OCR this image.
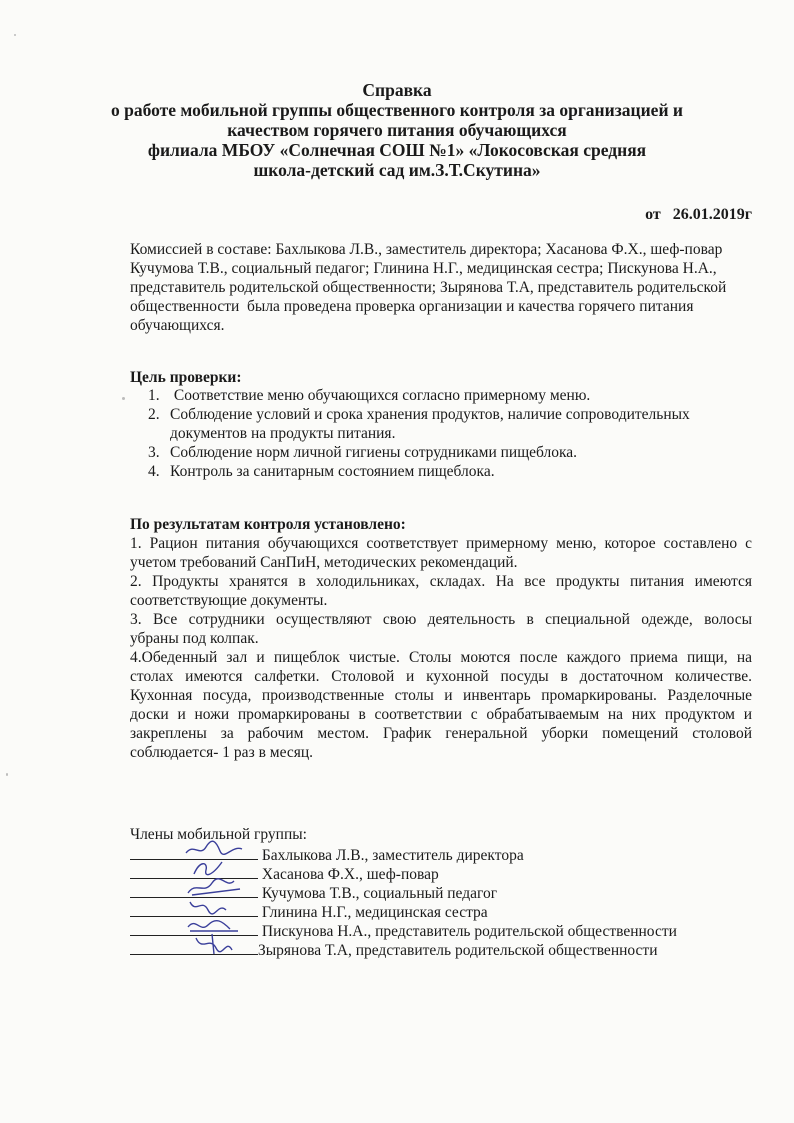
Справка
о работе мобильной группы общественного контроля за организацией и
качеством горячего питания обучающихся
филиала МБОУ «Солнечная СОШ №1» «Локосовская средняя
школа-детский сад им.З.Т.Скутина»
от   26.01.2019г
Комиссией в составе: Бахлыкова Л.В., заместитель директора; Хасанова Ф.Х., шеф-повар
Кучумова Т.В., социальный педагог; Глинина Н.Г., медицинская сестра; Пискунова Н.А.,
представитель родительской общественности; Зырянова Т.А, представитель родительской
общественности  была проведена проверка организации и качества горячего питания
обучающихся.
Цель проверки:
1. Соответствие меню обучающихся согласно примерному меню.
2. Соблюдение условий и срока хранения продуктов, наличие сопроводительных
документов на продукты питания.
3. Соблюдение норм личной гигиены сотрудниками пищеблока.
4. Контроль за санитарным состоянием пищеблока.
По результатам контроля установлено:
1. Рацион питания обучающихся соответствует примерному меню, которое составлено с
учетом требований СанПиН, методических рекомендаций.
2. Продукты хранятся в холодильниках, складах. На все продукты питания имеются
соответствующие документы.
3. Все сотрудники осуществляют свою деятельность в специальной одежде, волосы
убраны под колпак.
4.Обеденный зал и пищеблок чистые. Столы моются после каждого приема пищи, на
столах имеются салфетки. Столовой и кухонной посуды в достаточном количестве.
Кухонная посуда, производственные столы и инвентарь промаркированы. Разделочные
доски и ножи промаркированы в соответствии с обрабатываемым на них продуктом и
закреплены за рабочим местом. График генеральной уборки помещений столовой
соблюдается- 1 раз в месяц.
Члены мобильной группы:
Бахлыкова Л.В., заместитель директора
Хасанова Ф.Х., шеф-повар
Кучумова Т.В., социальный педагог
Глинина Н.Г., медицинская сестра
Пискунова Н.А., представитель родительской общественности
Зырянова Т.А, представитель родительской общественности
